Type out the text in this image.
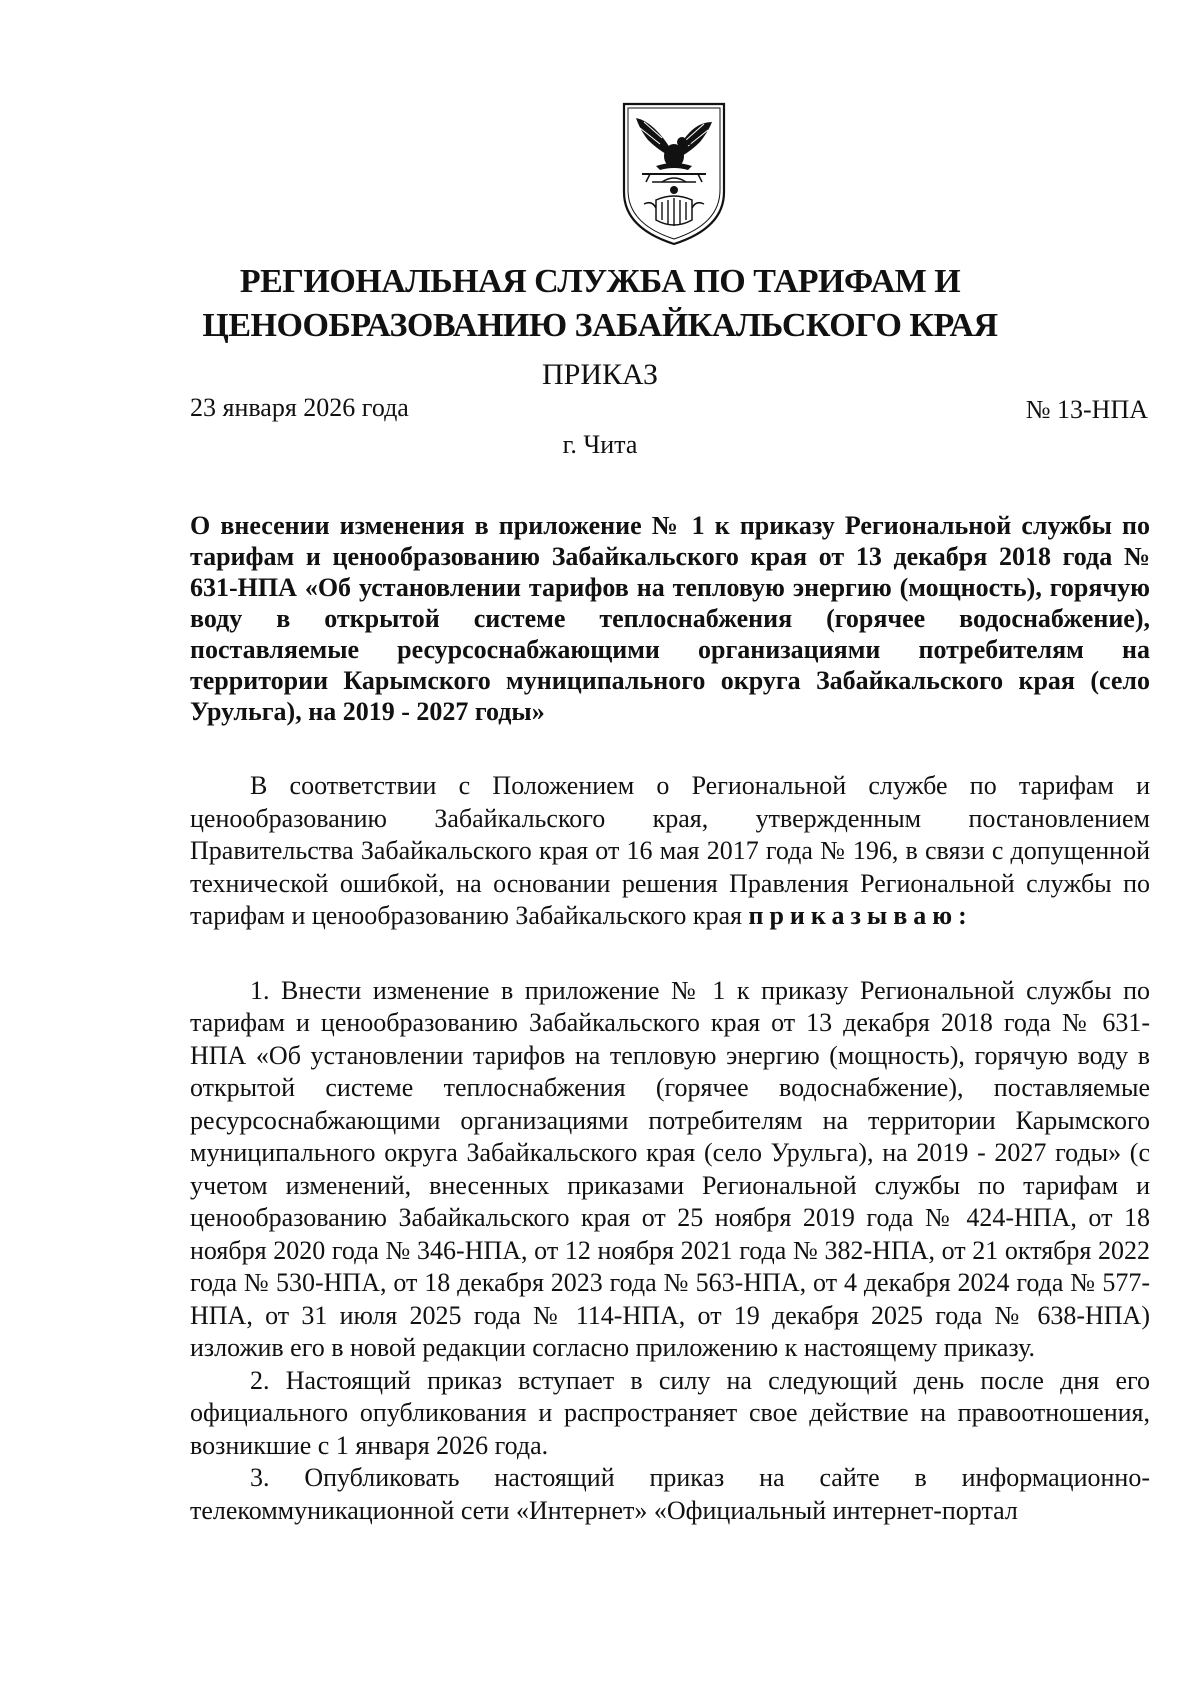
РЕГИОНАЛЬНАЯ СЛУЖБА ПО ТАРИФАМ И
ЦЕНООБРАЗОВАНИЮ ЗАБАЙКАЛЬСКОГО КРАЯ
ПРИКАЗ
23 января 2026 года	№ 13-НПА
г. Чита
О внесении изменения в приложение № 1 к приказу Региональной службы по тарифам и ценообразованию Забайкальского края от 13 декабря 2018 года № 631-НПА «Об установлении тарифов на тепловую энергию (мощность), горячую воду в открытой системе теплоснабжения (горячее водоснабжение), поставляемые ресурсоснабжающими организациями потребителям на территории Карымского муниципального округа Забайкальского края (село Урульга), на 2019 - 2027 годы»

В соответствии с Положением о Региональной службе по тарифам и ценообразованию Забайкальского края, утвержденным постановлением Правительства Забайкальского края от 16 мая 2017 года № 196, в связи с допущенной технической ошибкой, на основании решения Правления Региональной службы по тарифам и ценообразованию Забайкальского края приказываю:

1. Внести изменение в приложение № 1 к приказу Региональной службы по тарифам и ценообразованию Забайкальского края от 13 декабря 2018 года № 631-НПА «Об установлении тарифов на тепловую энергию (мощность), горячую воду в открытой системе теплоснабжения (горячее водоснабжение), поставляемые ресурсоснабжающими организациями потребителям на территории Карымского муниципального округа Забайкальского края (село Урульга), на 2019 - 2027 годы» (с учетом изменений, внесенных приказами Региональной службы по тарифам и ценообразованию Забайкальского края от 25 ноября 2019 года № 424-НПА, от 18 ноября 2020 года № 346-НПА, от 12 ноября 2021 года № 382-НПА, от 21 октября 2022 года № 530-НПА, от 18 декабря 2023 года № 563-НПА, от 4 декабря 2024 года № 577-НПА, от 31 июля 2025 года № 114-НПА, от 19 декабря 2025 года № 638-НПА) изложив его в новой редакции согласно приложению к настоящему приказу.

2. Настоящий приказ вступает в силу на следующий день после дня его официального опубликования и распространяет свое действие на правоотношения, возникшие с 1 января 2026 года.

3. Опубликовать настоящий приказ на сайте в информационно-телекоммуникационной сети «Интернет» «Официальный интернет-портал
